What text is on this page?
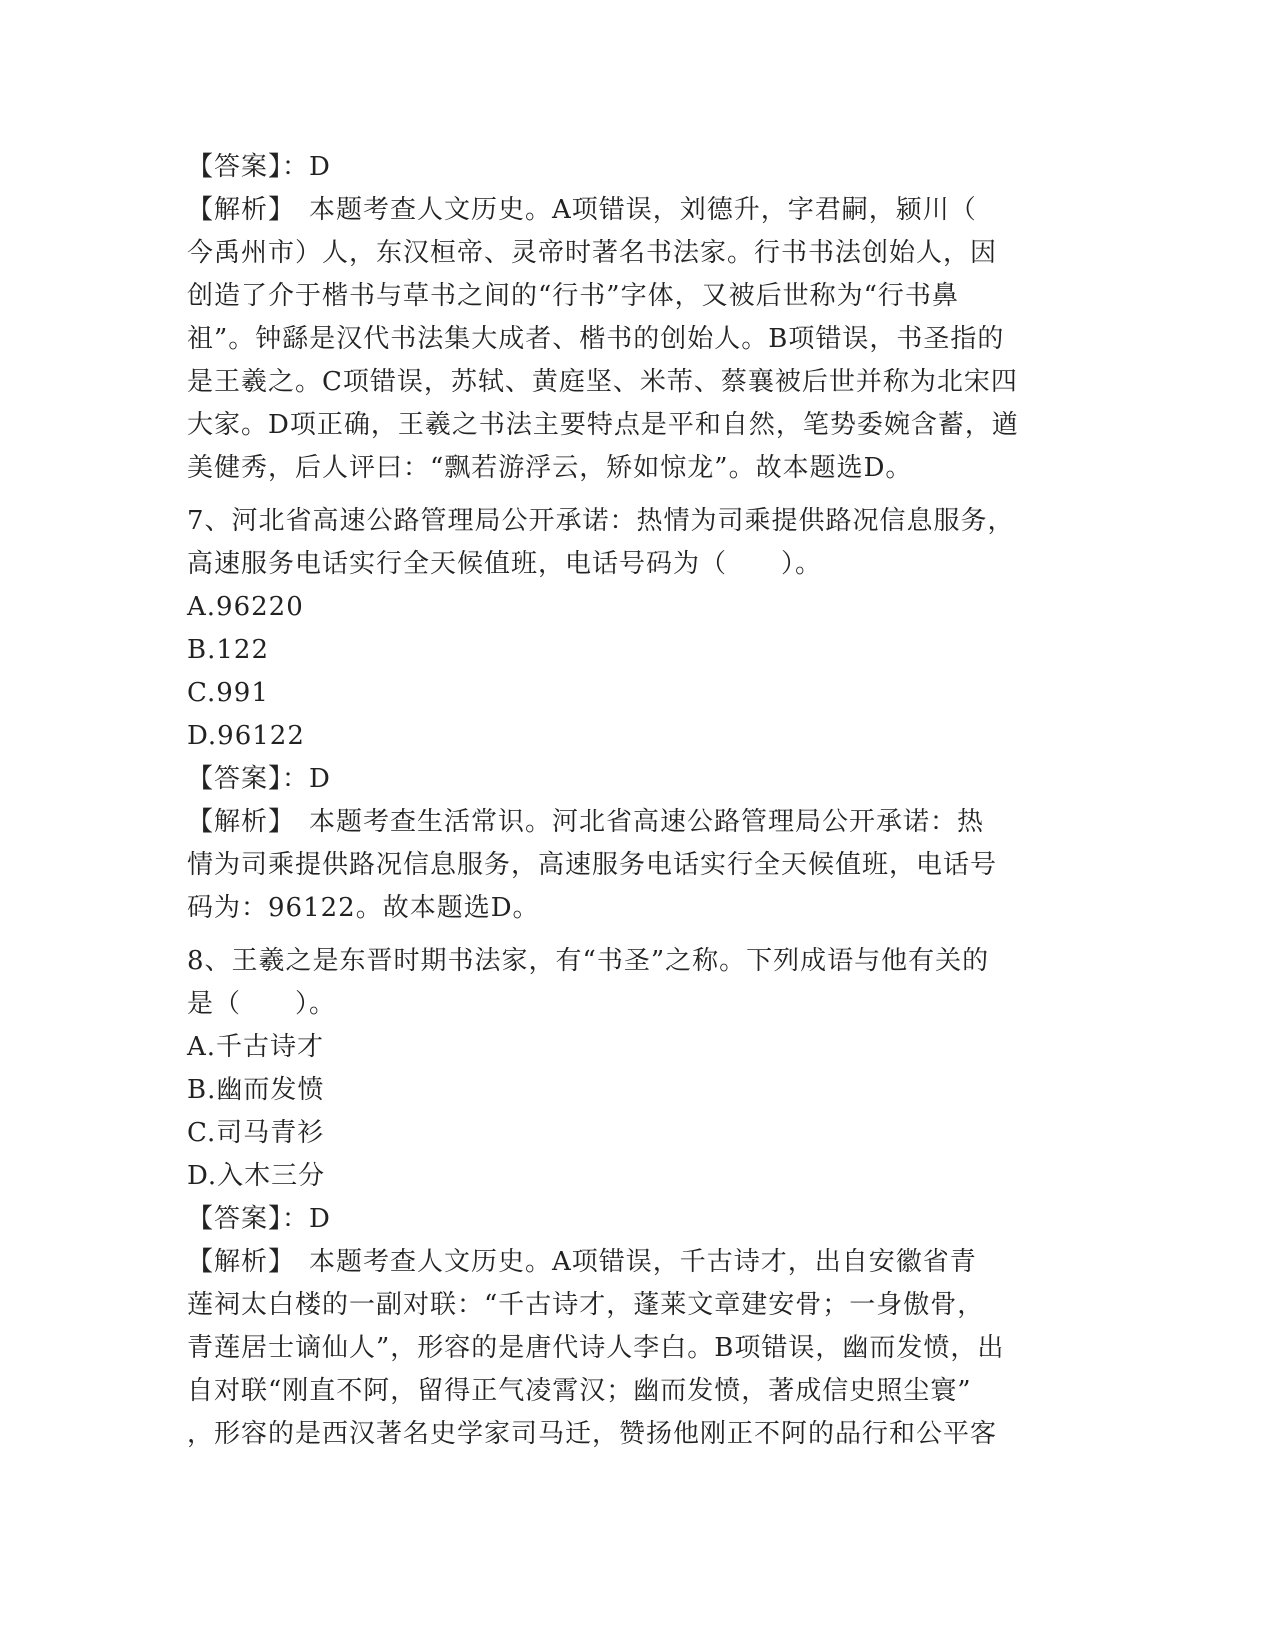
【答案】：D
【解析】　本题考查人文历史。A项错误，刘德升，字君嗣，颍川（
今禹州市）人，东汉桓帝、灵帝时著名书法家。行书书法创始人，因
创造了介于楷书与草书之间的“行书”字体，又被后世称为“行书鼻
祖”。钟繇是汉代书法集大成者、楷书的创始人。B项错误，书圣指的
是王羲之。C项错误，苏轼、黄庭坚、米芾、蔡襄被后世并称为北宋四
大家。D项正确，王羲之书法主要特点是平和自然，笔势委婉含蓄，遒
美健秀，后人评曰：“飘若游浮云，矫如惊龙”。故本题选D。
7、河北省高速公路管理局公开承诺：热情为司乘提供路况信息服务，
高速服务电话实行全天候值班，电话号码为（　　）。
A.96220
B.122
C.991
D.96122
【答案】：D
【解析】　本题考查生活常识。河北省高速公路管理局公开承诺：热
情为司乘提供路况信息服务，高速服务电话实行全天候值班，电话号
码为：96122。故本题选D。
8、王羲之是东晋时期书法家，有“书圣”之称。下列成语与他有关的
是（　　）。
A.千古诗才
B.幽而发愤
C.司马青衫
D.入木三分
【答案】：D
【解析】　本题考查人文历史。A项错误，千古诗才，出自安徽省青
莲祠太白楼的一副对联：“千古诗才，蓬莱文章建安骨；一身傲骨，
青莲居士谪仙人”，形容的是唐代诗人李白。B项错误，幽而发愤，出
自对联“刚直不阿，留得正气凌霄汉；幽而发愤，著成信史照尘寰”
，形容的是西汉著名史学家司马迁，赞扬他刚正不阿的品行和公平客
